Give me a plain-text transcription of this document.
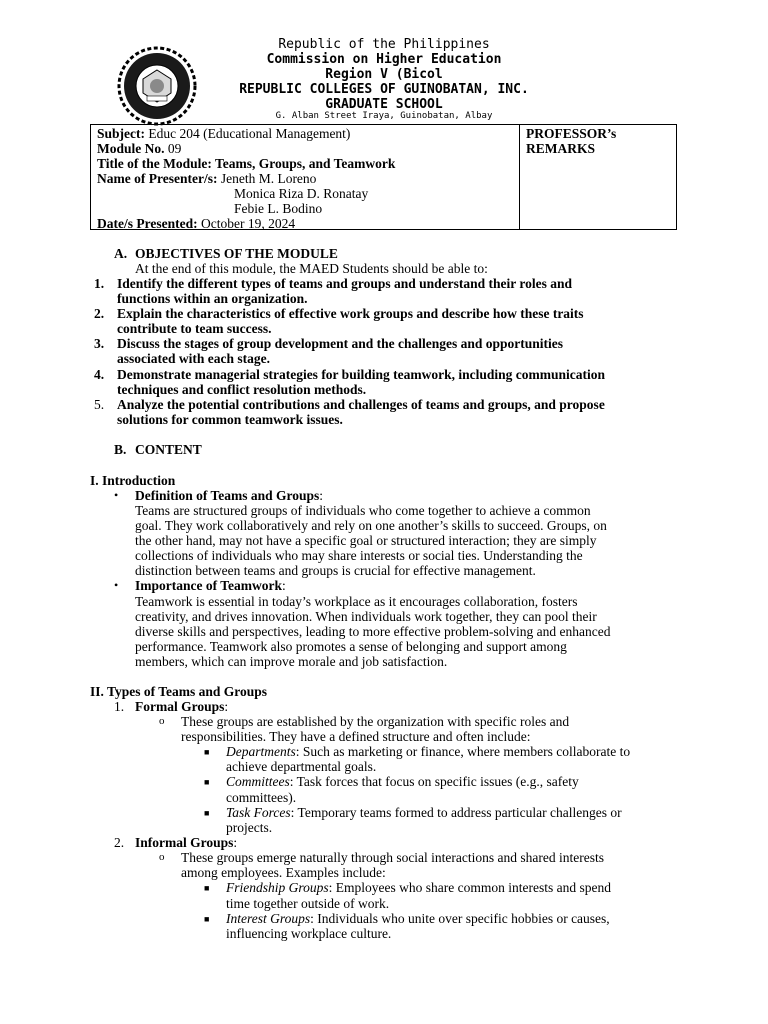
Republic of the Philippines
Commission on Higher Education
Region V (Bicol
REPUBLIC COLLEGES OF GUINOBATAN, INC.
GRADUATE SCHOOL
G. Alban Street Iraya, Guinobatan, Albay
Subject: Educ 204 (Educational Management)
Module No. 09
Title of the Module: Teams, Groups, and Teamwork
Name of Presenter/s: Jeneth M. Loreno
Monica Riza D. Ronatay
Febie L. Bodino
Date/s Presented: October 19, 2024
PROFESSOR’s
REMARKS
A. OBJECTIVES OF THE MODULE
At the end of this module, the MAED Students should be able to:
1. Identify the different types of teams and groups and understand their roles and
functions within an organization.
2. Explain the characteristics of effective work groups and describe how these traits
contribute to team success.
3. Discuss the stages of group development and the challenges and opportunities
associated with each stage.
4. Demonstrate managerial strategies for building teamwork, including communication
techniques and conflict resolution methods.
5. Analyze the potential contributions and challenges of teams and groups, and propose
solutions for common teamwork issues.
B. CONTENT
I. Introduction
• Definition of Teams and Groups:
Teams are structured groups of individuals who come together to achieve a common
goal. They work collaboratively and rely on one another’s skills to succeed. Groups, on
the other hand, may not have a specific goal or structured interaction; they are simply
collections of individuals who may share interests or social ties. Understanding the
distinction between teams and groups is crucial for effective management.
• Importance of Teamwork:
Teamwork is essential in today’s workplace as it encourages collaboration, fosters
creativity, and drives innovation. When individuals work together, they can pool their
diverse skills and perspectives, leading to more effective problem-solving and enhanced
performance. Teamwork also promotes a sense of belonging and support among
members, which can improve morale and job satisfaction.
II. Types of Teams and Groups
1. Formal Groups:
o These groups are established by the organization with specific roles and
responsibilities. They have a defined structure and often include:
■ Departments: Such as marketing or finance, where members collaborate to
achieve departmental goals.
■ Committees: Task forces that focus on specific issues (e.g., safety
committees).
■ Task Forces: Temporary teams formed to address particular challenges or
projects.
2. Informal Groups:
o These groups emerge naturally through social interactions and shared interests
among employees. Examples include:
■ Friendship Groups: Employees who share common interests and spend
time together outside of work.
■ Interest Groups: Individuals who unite over specific hobbies or causes,
influencing workplace culture.
